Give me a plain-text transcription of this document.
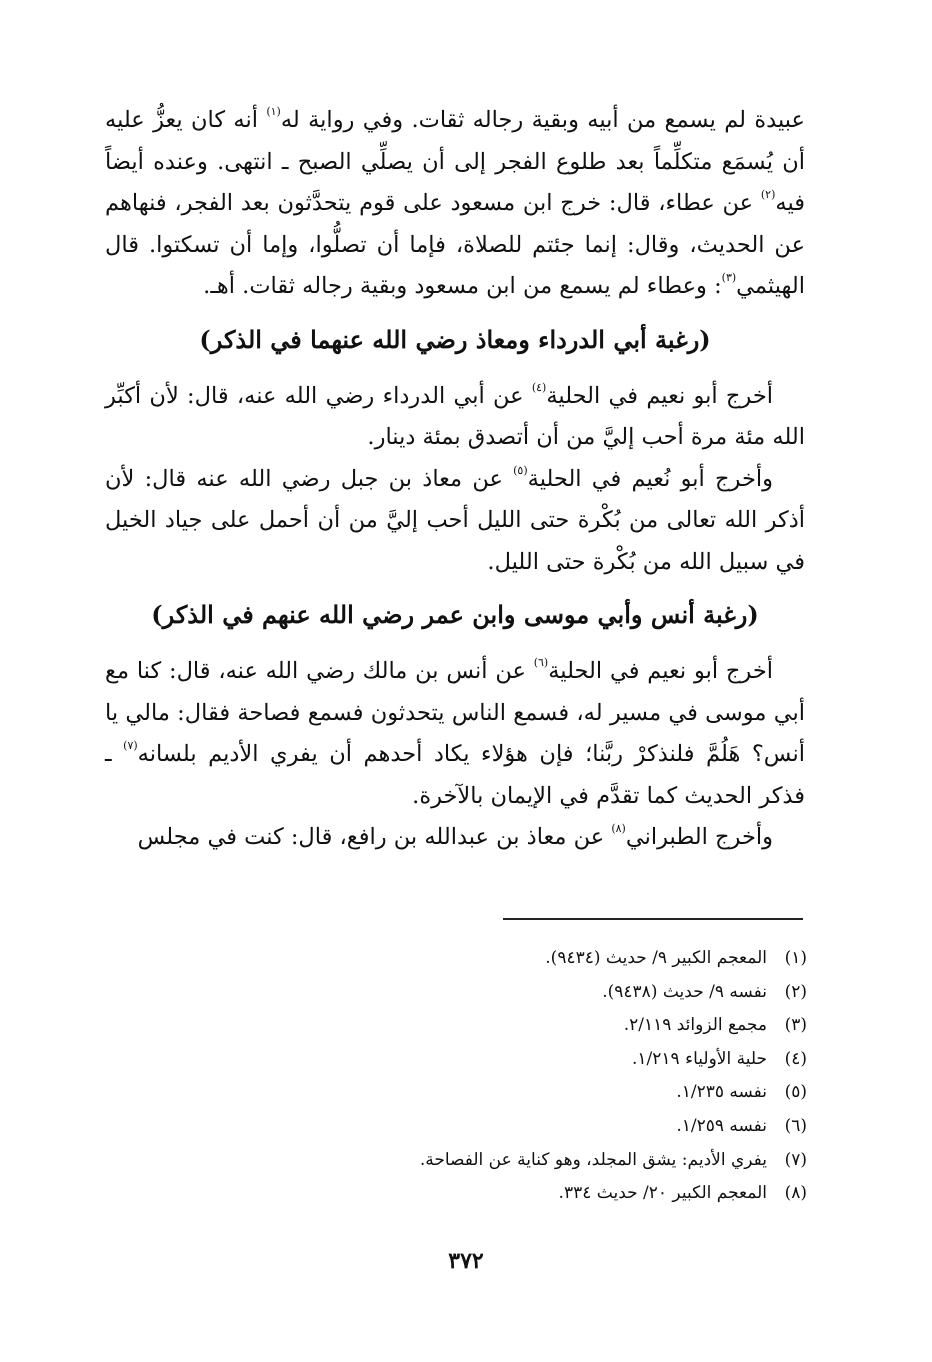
عبيدة لم يسمع من أبيه وبقية رجاله ثقات. وفي رواية له$^{(١)}$ أنه كان يعزُّ عليه أن يُسمَع متكلِّماً بعد طلوع الفجر إلى أن يصلِّي الصبح ـ انتهى. وعنده أيضاً فيه$^{(٢)}$ عن عطاء، قال: خرج ابن مسعود على قوم يتحدَّثون بعد الفجر، فنهاهم عن الحديث، وقال: إنما جئتم للصلاة، فإما أن تصلُّوا، وإما أن تسكتوا. قال الهيثمي$^{(٣)}$: وعطاء لم يسمع من ابن مسعود وبقية رجاله ثقات. أهـ.

(رغبة أبي الدرداء ومعاذ رضي الله عنهما في الذكر)

أخرج أبو نعيم في الحلية$^{(٤)}$ عن أبي الدرداء رضي الله عنه، قال: لأن أكبِّر الله مئة مرة أحب إليَّ من أن أتصدق بمئة دينار.

وأخرج أبو نُعيم في الحلية$^{(٥)}$ عن معاذ بن جبل رضي الله عنه قال: لأن أذكر الله تعالى من بُكْرة حتى الليل أحب إليَّ من أن أحمل على جياد الخيل في سبيل الله من بُكْرة حتى الليل.

(رغبة أنس وأبي موسى وابن عمر رضي الله عنهم في الذكر)

أخرج أبو نعيم في الحلية$^{(٦)}$ عن أنس بن مالك رضي الله عنه، قال: كنا مع أبي موسى في مسير له، فسمع الناس يتحدثون فسمع فصاحة فقال: مالي يا أنس؟ هَلُمَّ فلنذكرْ ربَّنا؛ فإن هؤلاء يكاد أحدهم أن يفري الأديم بلسانه$^{(٧)}$ ـ فذكر الحديث كما تقدَّم في الإيمان بالآخرة.

وأخرج الطبراني$^{(٨)}$ عن معاذ بن عبدالله بن رافع، قال: كنت في مجلس

(١)المعجم الكبير ٩/ حديث (٩٤٣٤).
(٢)نفسه ٩/ حديث (٩٤٣٨).
(٣)مجمع الزوائد ٢/١١٩.
(٤)حلية الأولياء ١/٢١٩.
(٥)نفسه ١/٢٣٥.
(٦)نفسه ١/٢٥٩.
(٧)يفري الأديم: يشق المجلد، وهو كناية عن الفصاحة.
(٨)المعجم الكبير ٢٠/ حديث ٣٣٤.
٣٧٢
